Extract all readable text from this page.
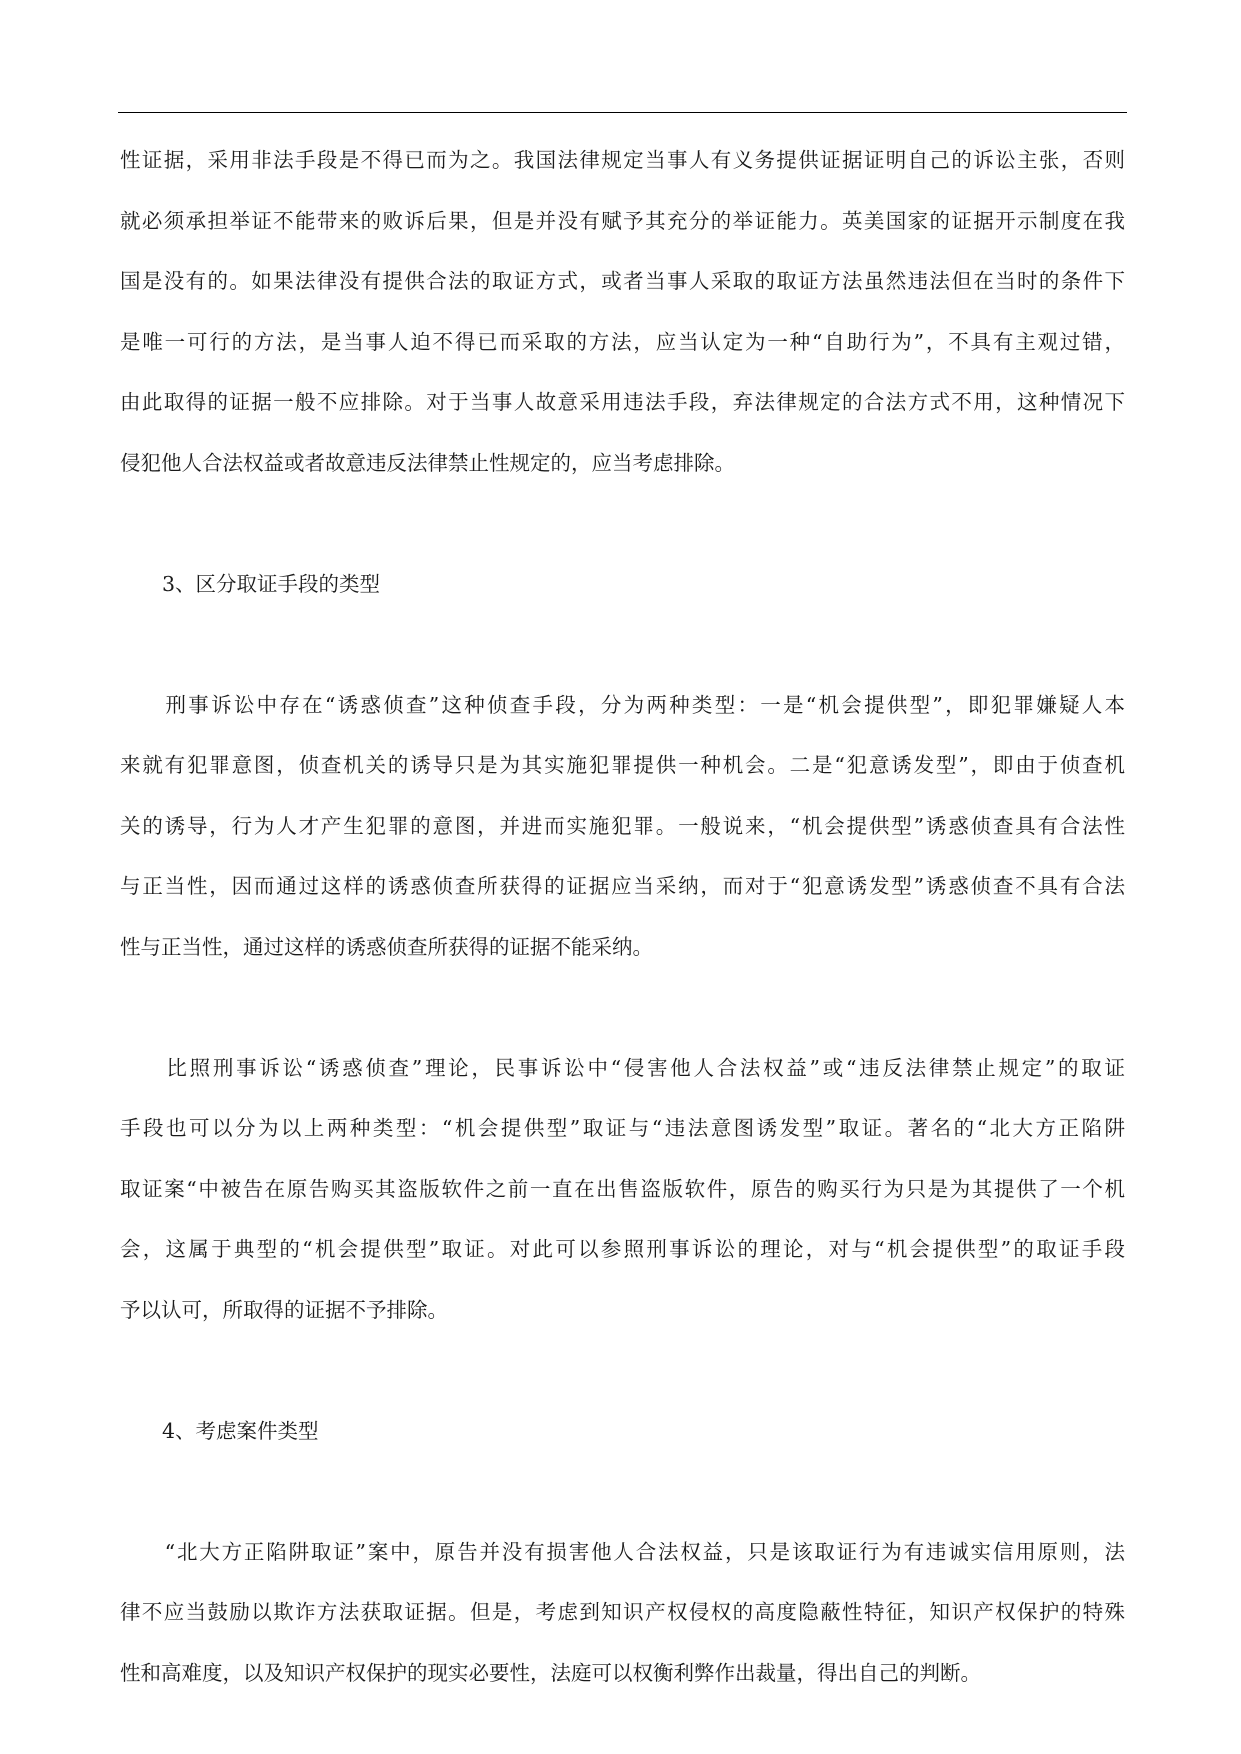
性证据，采用非法手段是不得已而为之。我国法律规定当事人有义务提供证据证明自己的诉讼主张，否则
就必须承担举证不能带来的败诉后果，但是并没有赋予其充分的举证能力。英美国家的证据开示制度在我
国是没有的。如果法律没有提供合法的取证方式，或者当事人采取的取证方法虽然违法但在当时的条件下
是唯一可行的方法，是当事人迫不得已而采取的方法，应当认定为一种“自助行为”，不具有主观过错，
由此取得的证据一般不应排除。对于当事人故意采用违法手段，弃法律规定的合法方式不用，这种情况下
侵犯他人合法权益或者故意违反法律禁止性规定的，应当考虑排除。
3、区分取证手段的类型
　　刑事诉讼中存在“诱惑侦查”这种侦查手段，分为两种类型：一是“机会提供型”，即犯罪嫌疑人本
来就有犯罪意图，侦查机关的诱导只是为其实施犯罪提供一种机会。二是“犯意诱发型”，即由于侦查机
关的诱导，行为人才产生犯罪的意图，并进而实施犯罪。一般说来，“机会提供型”诱惑侦查具有合法性
与正当性，因而通过这样的诱惑侦查所获得的证据应当采纳，而对于“犯意诱发型”诱惑侦查不具有合法
性与正当性，通过这样的诱惑侦查所获得的证据不能采纳。
　　比照刑事诉讼“诱惑侦查”理论，民事诉讼中“侵害他人合法权益”或“违反法律禁止规定”的取证
手段也可以分为以上两种类型：“机会提供型”取证与“违法意图诱发型”取证。著名的“北大方正陷阱
取证案“中被告在原告购买其盗版软件之前一直在出售盗版软件，原告的购买行为只是为其提供了一个机
会，这属于典型的“机会提供型”取证。对此可以参照刑事诉讼的理论，对与“机会提供型”的取证手段
予以认可，所取得的证据不予排除。
4、考虑案件类型
　　“北大方正陷阱取证”案中，原告并没有损害他人合法权益，只是该取证行为有违诚实信用原则，法
律不应当鼓励以欺诈方法获取证据。但是，考虑到知识产权侵权的高度隐蔽性特征，知识产权保护的特殊
性和高难度，以及知识产权保护的现实必要性，法庭可以权衡利弊作出裁量，得出自己的判断。
